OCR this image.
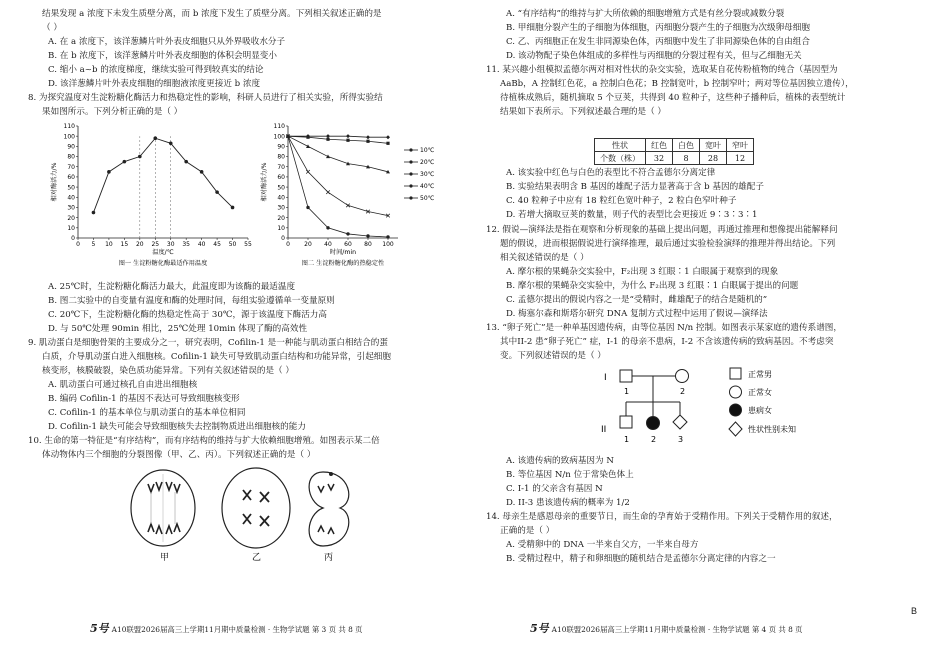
结果发现 a 浓度下未发生质壁分离，而 b 浓度下发生了质壁分离。下列相关叙述正确的是
（ ）
A. 在 a 浓度下，该洋葱鳞片叶外表皮细胞只从外界吸收水分子
B. 在 b 浓度下，该洋葱鳞片叶外表皮细胞的体积会明显变小
C. 缩小 a~b 的浓度梯度，继续实验可得到较真实的结论
D. 该洋葱鳞片叶外表皮细胞的细胞液浓度更接近 b 浓度
8. 为探究温度对生淀粉糖化酶活力和热稳定性的影响，科研人员进行了相关实验，所得实验结
果如图所示。下列分析正确的是（ ）
0
10
20
30
40
50
60
70
80
90
100
110
0 5 10 15 20 25 30 35 40 45 50 55
温度/℃
相对酶活力/%
图一 生淀粉糖化酶最适作用温度
0
10
20
30
40
50
60
70
80
90
100
110
0 20 40 60 80 100
时间/min
相对酶活力/%
图二 生淀粉糖化酶的热稳定性
10℃
20℃
30℃
40℃
50℃
A. 25℃时，生淀粉糖化酶活力最大，此温度即为该酶的最适温度
B. 图二实验中的自变量有温度和酶的处理时间，每组实验遵循单一变量原则
C. 20℃下，生淀粉糖化酶的热稳定性高于 30℃，源于该温度下酶活力高
D. 与 50℃处理 90min 相比，25℃处理 10min 体现了酶的高效性
9. 肌动蛋白是细胞骨架的主要成分之一，研究表明，Cofilin-1 是一种能与肌动蛋白相结合的蛋
白质，介导肌动蛋白进入细胞核。Cofilin-1 缺失可导致肌动蛋白结构和功能异常，引起细胞
核变形，核膜破裂，染色质功能异常。下列有关叙述错误的是（ ）
A. 肌动蛋白可通过核孔自由进出细胞核
B. 编码 Cofilin-1 的基因不表达可导致细胞核变形
C. Cofilin-1 的基本单位与肌动蛋白的基本单位相同
D. Cofilin-1 缺失可能会导致细胞核失去控制物质进出细胞核的能力
10. 生命的第一特征是“有序结构”，而有序结构的维持与扩大依赖细胞增殖。如图表示某二倍
体动物体内三个细胞的分裂图像（甲、乙、丙）。下列叙述正确的是（ ）
甲	乙	丙
5号 A10联盟2026届高三上学期11月期中质量检测 · 生物学试题 第 3 页 共 8 页
A. “有序结构”的维持与扩大所依赖的细胞增殖方式是有丝分裂或减数分裂
B. 甲细胞分裂产生的子细胞为体细胞，丙细胞分裂产生的子细胞为次级卵母细胞
C. 乙、丙细胞正在发生非同源染色体，丙细胞中发生了非同源染色体的自由组合
D. 该动物配子染色体组成的多样性与丙细胞的分裂过程有关，但与乙细胞无关
11. 某兴趣小组模拟孟德尔两对相对性状的杂交实验，选取某自花传粉植物的纯合（基因型为
AaBb，A 控制红色花，a 控制白色花；B 控制宽叶，b 控制窄叶；两对等位基因独立遗传），
待植株成熟后，随机摘取 5 个豆荚，共得到 40 粒种子，这些种子播种后，植株的表型统计
结果如下表所示。下列叙述最合理的是（ ）
性状	红色	白色	宽叶	窄叶
个数（株）	32	8	28	12
A. 该实验中红色与白色的表型比不符合孟德尔分离定律
B. 实验结果表明含 B 基因的雄配子活力显著高于含 b 基因的雄配子
C. 40 粒种子中应有 18 粒红色宽叶种子，2 粒白色窄叶种子
D. 若增大摘取豆荚的数量，则子代的表型比会更接近 9∶3∶3∶1
12. 假说—演绎法是指在观察和分析现象的基础上提出问题，再通过推理和想像提出能解释问
题的假说，进而根据假说进行演绎推理，最后通过实验检验演绎的推理并得出结论。下列
相关叙述错误的是（ ）
A. 摩尔根的果蝇杂交实验中，F₂出现 3 红眼∶1 白眼属于观察到的现象
B. 摩尔根的果蝇杂交实验中，为什么 F₂出现 3 红眼∶1 白眼属于提出的问题
C. 孟德尔提出的假说内容之一是“受精时，雌雄配子的结合是随机的”
D. 梅塞尔森和斯塔尔研究 DNA 复制方式过程中运用了假说—演绎法
13. “卵子死亡”是一种单基因遗传病，由等位基因 N/n 控制。如图表示某家庭的遗传系谱图，
其中II-2 患“卵子死亡” 症，I-1 的母亲不患病，I-2 不含该遗传病的致病基因。不考虑突
变。下列叙述错误的是（ ）
I
II
1	2
1	2	3
正常男
正常女
患病女
性状性别未知
A. 该遗传病的致病基因为 N
B. 等位基因 N/n 位于常染色体上
C. I-1 的父亲含有基因 N
D. II-3 患该遗传病的概率为 1/2
14. 母亲生是感恩母亲的重要节日，而生命的孕育始于受精作用。下列关于受精作用的叙述，
正确的是（ ）
A. 受精卵中的 DNA 一半来自父方，一半来自母方
B. 受精过程中，精子和卵细胞的随机结合是孟德尔分离定律的内容之一
5号 A10联盟2026届高三上学期11月期中质量检测 · 生物学试题 第 4 页 共 8 页
B
